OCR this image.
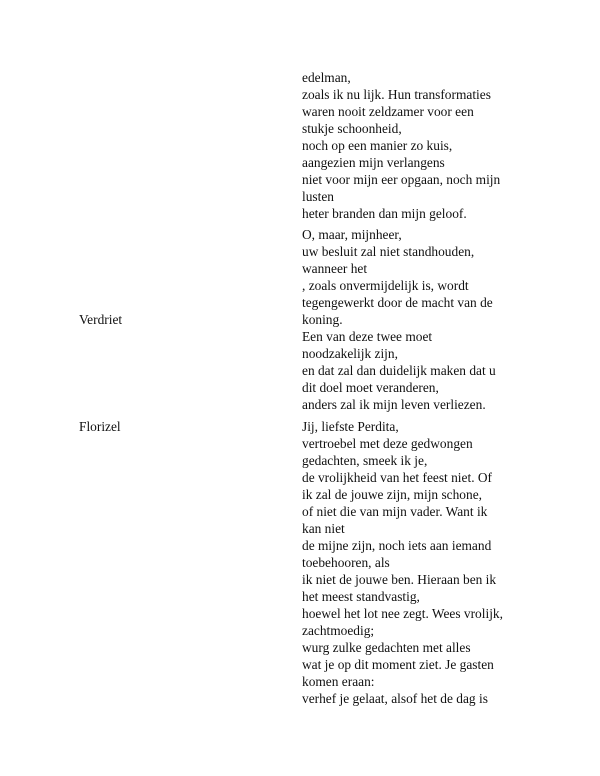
edelman,
zoals ik nu lijk. Hun transformaties
waren nooit zeldzamer voor een
stukje schoonheid,
noch op een manier zo kuis,
aangezien mijn verlangens
niet voor mijn eer opgaan, noch mijn
lusten
heter branden dan mijn geloof.
Verdriet
O, maar, mijnheer,
uw besluit zal niet standhouden,
wanneer het
, zoals onvermijdelijk is, wordt
tegengewerkt door de macht van de
koning.
Een van deze twee moet
noodzakelijk zijn,
en dat zal dan duidelijk maken dat u
dit doel moet veranderen,
anders zal ik mijn leven verliezen.
Florizel	Jij, liefste Perdita,
vertroebel met deze gedwongen
gedachten, smeek ik je,
de vrolijkheid van het feest niet. Of
ik zal de jouwe zijn, mijn schone,
of niet die van mijn vader. Want ik
kan niet
de mijne zijn, noch iets aan iemand
toebehooren, als
ik niet de jouwe ben. Hieraan ben ik
het meest standvastig,
hoewel het lot nee zegt. Wees vrolijk,
zachtmoedig;
wurg zulke gedachten met alles
wat je op dit moment ziet. Je gasten
komen eraan:
verhef je gelaat, alsof het de dag is
